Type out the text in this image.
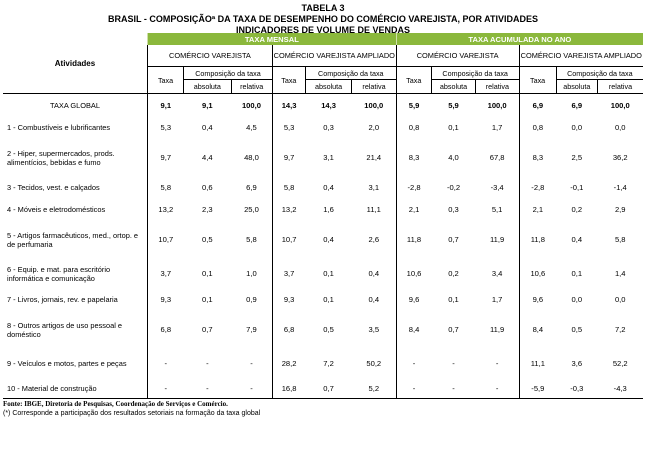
TABELA 3
BRASIL - COMPOSIÇÃOª DA TAXA DE DESEMPENHO DO COMÉRCIO VAREJISTA, POR ATIVIDADES
INDICADORES DE VOLUME DE VENDAS
Atividades	TAXA MENSAL						TAXA ACUMULADA NO ANO					
	COMÉRCIO VAREJISTA			COMÉRCIO VAREJISTA AMPLIADO			COMÉRCIO VAREJISTA			COMÉRCIO VAREJISTA AMPLIADO		
	Taxa	Composição da taxa		Taxa	Composição da taxa		Taxa	Composição da taxa		Taxa	Composição da taxa	
		absoluta	relativa		absoluta	relativa		absoluta	relativa		absoluta	relativa
TAXA GLOBAL	9,1	9,1	100,0	14,3	14,3	100,0	5,9	5,9	100,0	6,9	6,9	100,0
1 - Combustíveis e lubrificantes	5,3	0,4	4,5	5,3	0,3	2,0	0,8	0,1	1,7	0,8	0,0	0,0
2 - Hiper, supermercados, prods. alimentícios, bebidas e fumo	9,7	4,4	48,0	9,7	3,1	21,4	8,3	4,0	67,8	8,3	2,5	36,2
3 - Tecidos, vest. e calçados	5,8	0,6	6,9	5,8	0,4	3,1	-2,8	-0,2	-3,4	-2,8	-0,1	-1,4
4 - Móveis e eletrodomésticos	13,2	2,3	25,0	13,2	1,6	11,1	2,1	0,3	5,1	2,1	0,2	2,9
5 - Artigos farmacêuticos, med., ortop. e de perfumaria	10,7	0,5	5,8	10,7	0,4	2,6	11,8	0,7	11,9	11,8	0,4	5,8
6 - Equip. e mat. para escritório informática e comunicação	3,7	0,1	1,0	3,7	0,1	0,4	10,6	0,2	3,4	10,6	0,1	1,4
7 - Livros, jornais, rev. e papelaria	9,3	0,1	0,9	9,3	0,1	0,4	9,6	0,1	1,7	9,6	0,0	0,0
8 - Outros artigos de uso pessoal e doméstico	6,8	0,7	7,9	6,8	0,5	3,5	8,4	0,7	11,9	8,4	0,5	7,2
9 - Veículos e motos, partes e peças	-	-	-	28,2	7,2	50,2	-	-	-	11,1	3,6	52,2
10 - Material de construção	-	-	-	16,8	0,7	5,2	-	-	-	-5,9	-0,3	-4,3
Fonte: IBGE, Diretoria de Pesquisas, Coordenação de Serviços e Comércio.
(*) Corresponde a participação dos resultados setoriais na formação da taxa global
